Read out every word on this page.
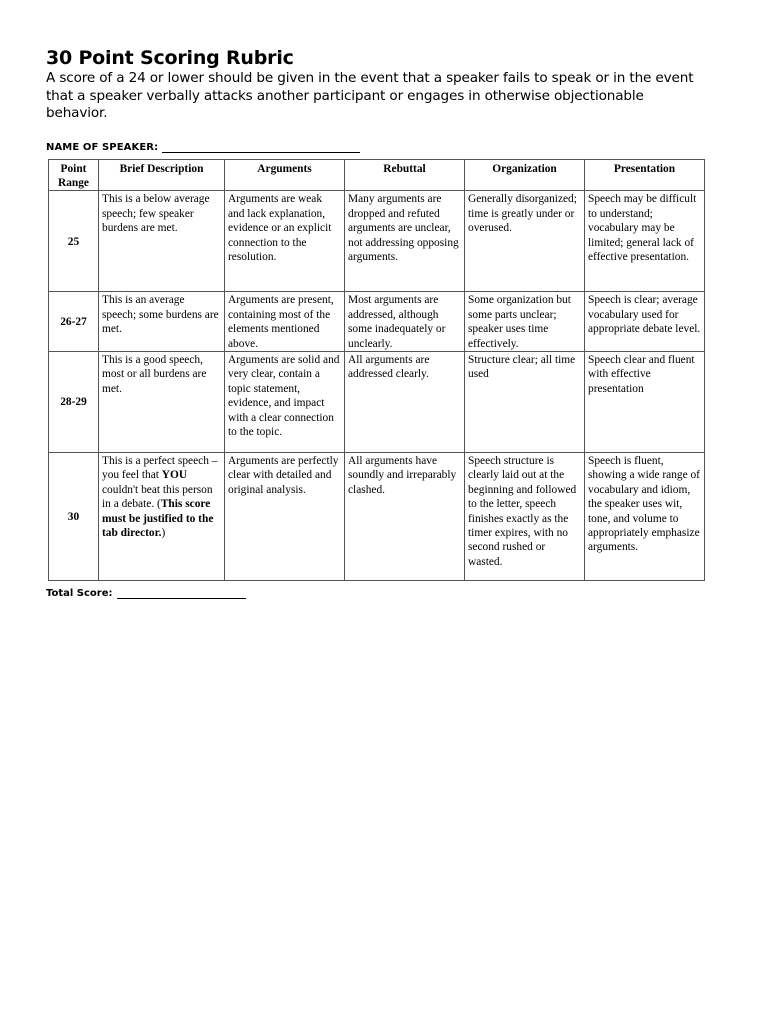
30 Point Scoring Rubric

A score of a 24 or lower should be given in the event that a speaker fails to speak or in the event that a speaker verbally attacks another participant or engages in otherwise objectionable behavior.

NAME OF SPEAKER:
Point Range	Brief Description	Arguments	Rebuttal	Organization	Presentation
25	This is a below average speech; few speaker burdens are met.	Arguments are weak and lack explanation, evidence or an explicit connection to the resolution.	Many arguments are dropped and refuted arguments are unclear, not addressing opposing arguments.	Generally disorganized; time is greatly under or overused.	Speech may be difficult to understand; vocabulary may be limited; general lack of effective presentation.
26-27	This is an average speech; some burdens are met.	Arguments are present, containing most of the elements mentioned above.	Most arguments are addressed, although some inadequately or unclearly.	Some organization but some parts unclear; speaker uses time effectively.	Speech is clear; average vocabulary used for appropriate debate level.
28-29	This is a good speech, most or all burdens are met.	Arguments are solid and very clear, contain a topic statement, evidence, and impact with a clear connection to the topic.	All arguments are addressed clearly.	Structure clear; all time used	Speech clear and fluent with effective presentation
30	This is a perfect speech – you feel that YOU couldn't beat this person in a debate. (This score must be justified to the tab director.)	Arguments are perfectly clear with detailed and original analysis.	All arguments have soundly and irreparably clashed.	Speech structure is clearly laid out at the beginning and followed to the letter, speech finishes exactly as the timer expires, with no second rushed or wasted.	Speech is fluent, showing a wide range of vocabulary and idiom, the speaker uses wit, tone, and volume to appropriately emphasize arguments.
Total Score:
